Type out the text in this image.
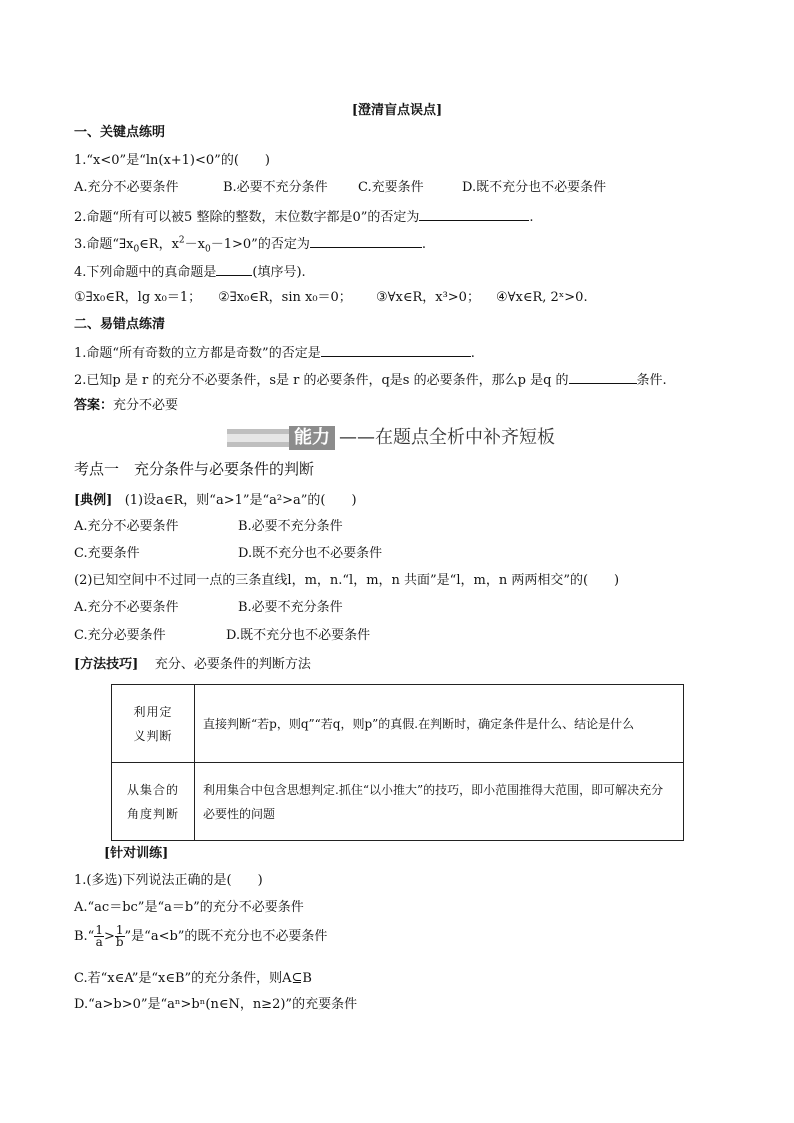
[澄清盲点误点]
一、关键点练明
1.“x<0”是“ln(x+1)<0”的(　　)
A.充分不必要条件	B.必要不充分条件 C.充要条件	D.既不充分也不必要条件
2.命题“所有可以被5 整除的整数，末位数字都是0”的否定为	.
3.命题“$\exists x_0\in R$，$x^2-x_0-1>0$”的否定为	.
4.下列命题中的真命题是	(填序号).
①∃x₀∈R，lg x₀＝1； ②∃x₀∈R，sin x₀＝0； ③∀x∈R，x³>0； ④∀x∈R, 2ˣ>0.
二、易错点练清
1.命题“所有奇数的立方都是奇数”的否定是	.
2.已知p 是 r 的充分不必要条件，s是 r 的必要条件，q是s 的必要条件，那么p 是q 的	条件.
答案：充分不必要
能力 ——在题点全析中补齐短板
考点一　充分条件与必要条件的判断
[典例] (1)设a∈R，则“a>1”是“a²>a”的(　　)
A.充分不必要条件	B.必要不充分条件
C.充要条件	D.既不充分也不必要条件
(2)已知空间中不过同一点的三条直线l，m，n.“l，m，n 共面”是“l，m，n 两两相交”的(　　)
A.充分不必要条件	B.必要不充分条件
C.充分必要条件	D.既不充分也不必要条件
[方法技巧] 充分、必要条件的判断方法
利用定
义判断	直接判断“若p，则q”“若q，则p”的真假.在判断时，确定条件是什么、结论是什么

从集合的
角度判断	利用集合中包含思想判定.抓住“以小推大”的技巧，即小范围推得大范围，即可解决充分必要性的问题
[针对训练]
1.(多选)下列说法正确的是(　　)
A.“ac＝bc”是“a＝b”的充分不必要条件
B.“ $\frac{1}{a} > \frac{1}{b}$ ”是“a<b”的既不充分也不必要条件
C.若“x∈A”是“x∈B”的充分条件，则A⊆B
D.“a>b>0”是“aⁿ>bⁿ(n∈N，n≥2)”的充要条件
